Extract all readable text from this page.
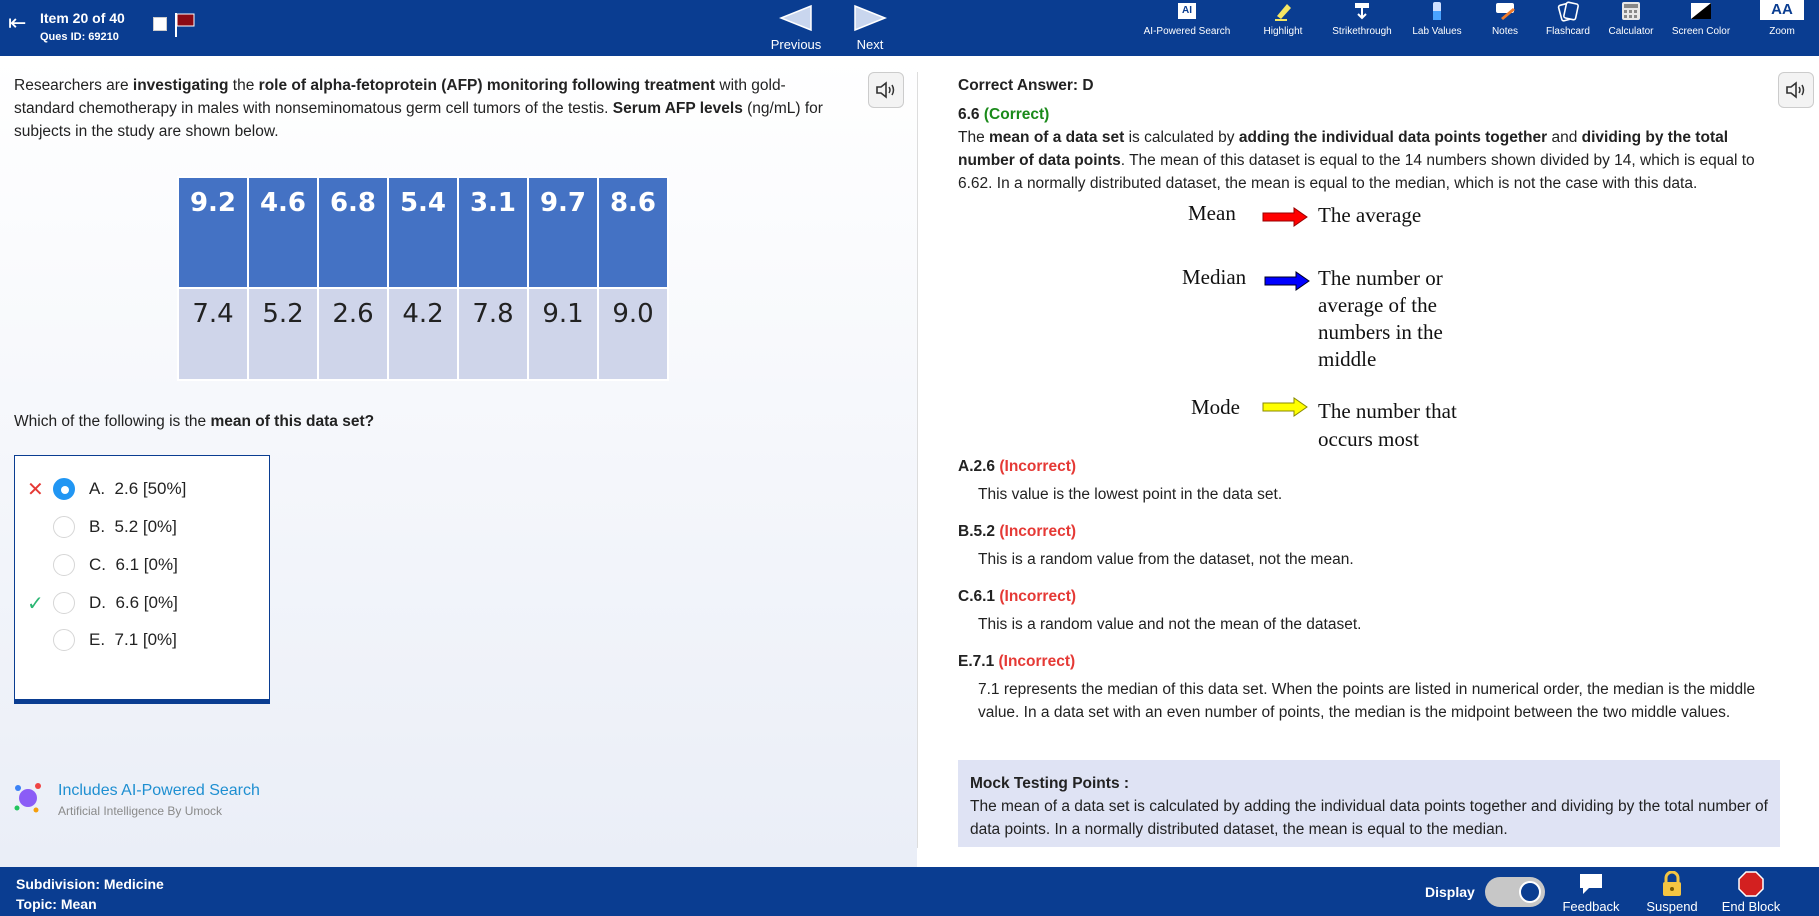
⇤ Item 20 of 40
Ques ID: 69210	Previous	Next
AI
AI-Powered Search	Highlight	Strikethrough Lab Values	Notes	Flashcard	Calculator	Screen Color
AA
Zoom
Researchers are investigating the role of alpha-fetoprotein (AFP) monitoring following treatment with gold-standard chemotherapy in males with nonseminomatous germ cell tumors of the testis. Serum AFP levels (ng/mL) for subjects in the study are shown below.
9.2	4.6	6.8	5.4	3.1	9.7	8.6
7.4	5.2	2.6	4.2	7.8	9.1	9.0
Which of the following is the mean of this data set?
✕	A.  2.6 [50%]
B.  5.2 [0%]
C.  6.1 [0%]
✓	D.  6.6 [0%]
E.  7.1 [0%]
Includes AI-Powered Search
Artificial Intelligence By Umock
Correct Answer: D
6.6 (Correct)
The mean of a data set is calculated by adding the individual data points together and dividing by the total number of data points. The mean of this dataset is equal to the 14 numbers shown divided by 14, which is equal to 6.62. In a normally distributed dataset, the mean is equal to the median, which is not the case with this data.
Mean	The average
Median	The number or
average of the
numbers in the
middle
Mode	The number that
occurs most
A.2.6 (Incorrect)
This value is the lowest point in the data set.
B.5.2 (Incorrect)
This is a random value from the dataset, not the mean.
C.6.1 (Incorrect)
This is a random value and not the mean of the dataset.
E.7.1 (Incorrect)
7.1 represents the median of this data set. When the points are listed in numerical order, the median is the middle value. In a data set with an even number of points, the median is the midpoint between the two middle values.
Mock Testing Points :
The mean of a data set is calculated by adding the individual data points together and dividing by the total number of data points. In a normally distributed dataset, the mean is equal to the median.
Subdivision: Medicine
Topic: Mean
Display
Feedback Suspend End Block
